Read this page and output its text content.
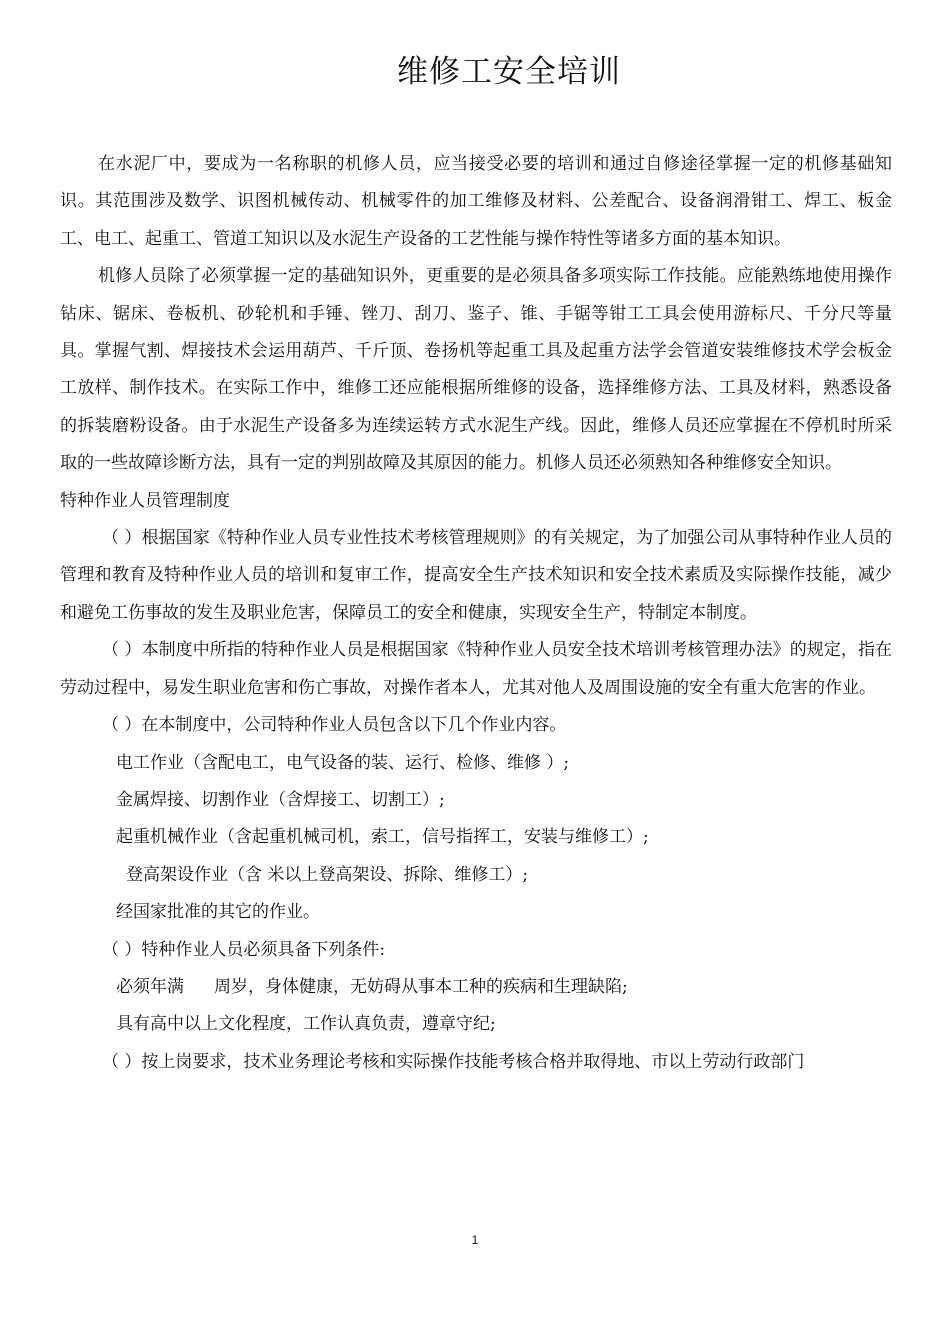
维修工安全培训

在水泥厂中，要成为一名称职的机修人员，应当接受必要的培训和通过自修途径掌握一定的机修基础知识。其范围涉及数学、识图机械传动、机械零件的加工维修及材料、公差配合、设备润滑钳工、焊工、板金工、电工、起重工、管道工知识以及水泥生产设备的工艺性能与操作特性等诸多方面的基本知识。

机修人员除了必须掌握一定的基础知识外，更重要的是必须具备多项实际工作技能。应能熟练地使用操作钻床、锯床、卷板机、砂轮机和手锤、锉刀、刮刀、鉴子、锥、手锯等钳工工具会使用游标尺、千分尺等量具。掌握气割、焊接技术会运用葫芦、千斤顶、卷扬机等起重工具及起重方法学会管道安装维修技术学会板金工放样、制作技术。在实际工作中，维修工还应能根据所维修的设备，选择维修方法、工具及材料，熟悉设备的拆装磨粉设备。由于水泥生产设备多为连续运转方式水泥生产线。因此，维修人员还应掌握在不停机时所采取的一些故障诊断方法，具有一定的判别故障及其原因的能力。机修人员还必须熟知各种维修安全知识。

特种作业人员管理制度

（ ）根据国家《特种作业人员专业性技术考核管理规则》的有关规定，为了加强公司从事特种作业人员的管理和教育及特种作业人员的培训和复审工作，提高安全生产技术知识和安全技术素质及实际操作技能，减少和避免工伤事故的发生及职业危害，保障员工的安全和健康，实现安全生产，特制定本制度。

（ ）本制度中所指的特种作业人员是根据国家《特种作业人员安全技术培训考核管理办法》的规定，指在劳动过程中，易发生职业危害和伤亡事故，对操作者本人，尤其对他人及周围设施的安全有重大危害的作业。

（ ）在本制度中，公司特种作业人员包含以下几个作业内容。

电工作业（含配电工，电气设备的装、运行、检修、维修 ）;

金属焊接、切割作业（含焊接工、切割工）;

起重机械作业（含起重机械司机，索工，信号指挥工，安装与维修工）;

登高架设作业（含 米以上登高架设、拆除、维修工）;

经国家批准的其它的作业。

（ ）特种作业人员必须具备下列条件:

必须年满 周岁，身体健康，无妨碍从事本工种的疾病和生理缺陷;

具有高中以上文化程度，工作认真负责，遵章守纪;

（ ）按上岗要求，技术业务理论考核和实际操作技能考核合格并取得地、市以上劳动行政部门

1
